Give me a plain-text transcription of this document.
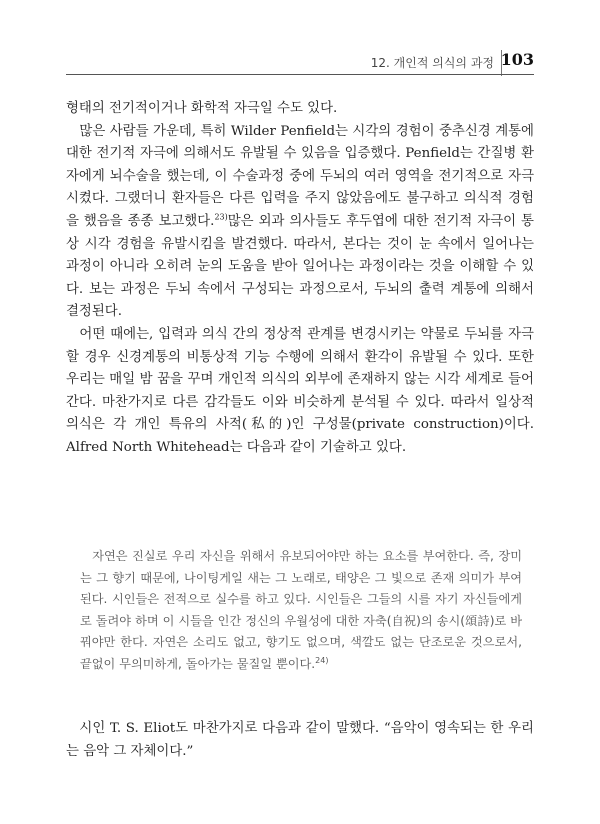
12. 개인적 의식의 과정 103

형태의 전기적이거나 화학적 자극일 수도 있다.

많은 사람들 가운데, 특히 Wilder Penfield는 시각의 경험이 중추신경 계통에 대한 전기적 자극에 의해서도 유발될 수 있음을 입증했다. Penfield는 간질병 환자에게 뇌수술을 했는데, 이 수술과정 중에 두뇌의 여러 영역을 전기적으로 자극시켰다. 그랬더니 환자들은 다른 입력을 주지 않았음에도 불구하고 의식적 경험을 했음을 종종 보고했다.$^{23)}$많은 외과 의사들도 후두엽에 대한 전기적 자극이 통상 시각 경험을 유발시킴을 발견했다. 따라서, 본다는 것이 눈 속에서 일어나는 과정이 아니라 오히려 눈의 도움을 받아 일어나는 과정이라는 것을 이해할 수 있다. 보는 과정은 두뇌 속에서 구성되는 과정으로서, 두뇌의 출력 계통에 의해서 결정된다.

어떤 때에는, 입력과 의식 간의 정상적 관계를 변경시키는 약물로 두뇌를 자극할 경우 신경계통의 비통상적 기능 수행에 의해서 환각이 유발될 수 있다. 또한 우리는 매일 밤 꿈을 꾸며 개인적 의식의 외부에 존재하지 않는 시각 세계로 들어간다. 마찬가지로 다른 감각들도 이와 비슷하게 분석될 수 있다. 따라서 일상적 의식은 각 개인 특유의 사적(私的)인 구성물(private construction)이다. Alfred North Whitehead는 다음과 같이 기술하고 있다.

자연은 진실로 우리 자신을 위해서 유보되어야만 하는 요소를 부여한다. 즉, 장미는 그 향기 때문에, 나이팅게일 새는 그 노래로, 태양은 그 빛으로 존재 의미가 부여된다. 시인들은 전적으로 실수를 하고 있다. 시인들은 그들의 시를 자기 자신들에게로 돌려야 하며 이 시들을 인간 정신의 우월성에 대한 자축(自祝)의 송시(頌詩)로 바꿔야만 한다. 자연은 소리도 없고, 향기도 없으며, 색깔도 없는 단조로운 것으로서, 끝없이 무의미하게, 돌아가는 물질일 뿐이다.$^{24)}$

시인 T. S. Eliot도 마찬가지로 다음과 같이 말했다. “음악이 영속되는 한 우리는 음악 그 자체이다.”
